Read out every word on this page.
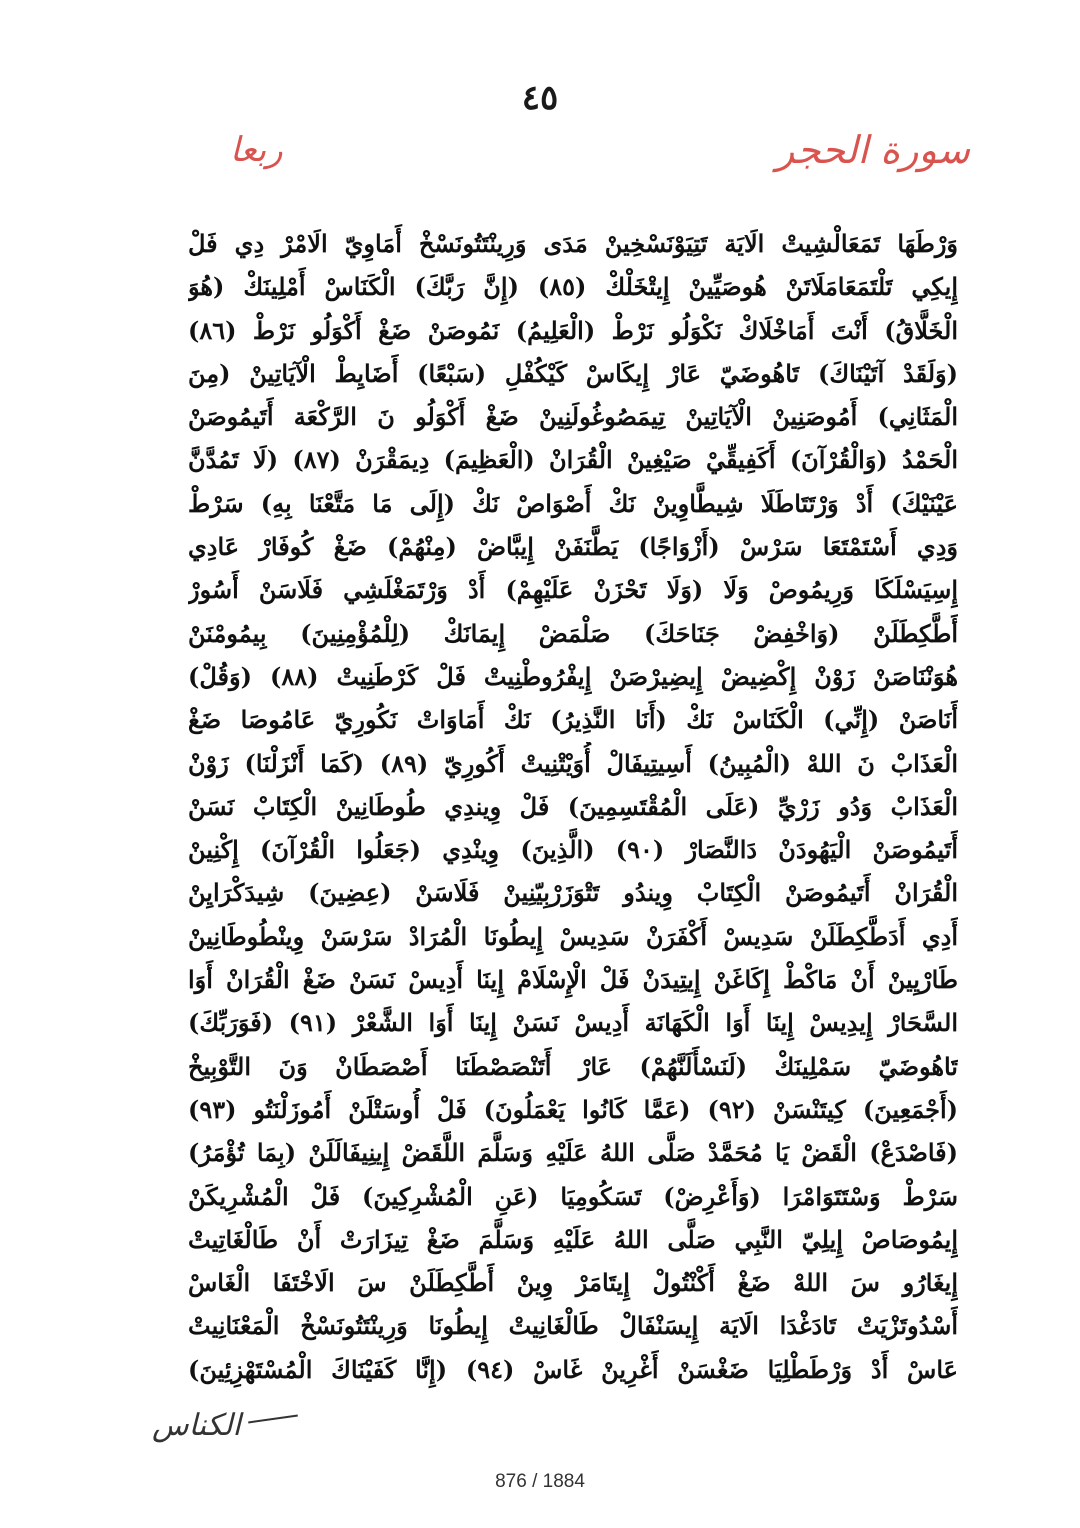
٤٥
سورة الحجر
ربعا
وَرْطَهَا تَمَعَالْشِيتْ الَايَة تَتِيَوْنَسْخِينْ مَدَى وَرِينْتَتُونَسْخْ أَمَاوِيّ الَامْرْ دِي فَلْ
إِيكِي تَلْتَمَعَامَلَاتَنْ هُوصَيِّينْ إِيتْخَلْكْ (٨٥) (إِنَّ رَبَّكَ) الْكَنَاسْ أَمْلِينَكْ (هُوَ
الْخَلَّاقُ) أَنْتَ أَمَاخْلَاكْ نَكْوَلُو نَرْطْ (الْعَلِيمُ) نَمُوصَنْ ضَغْ أَكْوَلُو نَرْطْ (٨٦)
(وَلَقَدْ آتَيْنَاكَ) تَاهُوضَيّ عَارْ إِيكَاسْ كَيْكُفْلِ (سَبْعًا) أَضَايِطْ الْآيَاتِينْ (مِنَ
الْمَثَانِي) أَمُوصَنِينْ الْآيَاتِينْ تِيمَصُوغُولَنِينْ ضَغْ أَكْوَلُو نَ الرَّكْعَة أَتَيمُوصَنْ
الْحَمْدُ (وَالْقُرْآنَ) أَكَفِيقِّيْ صَيْغِينْ الْقُرَانْ (الْعَظِيمَ) دِيمَقْرَنْ (٨٧) (لَا تَمُدَّنَّ
عَيْنَيْكَ) أَدْ وَرْتَتَاطَلَا شِيطَّاوِينْ نَكْ أَصْوَاصْ نَكْ (إِلَى مَا مَتَّعْنَا بِهِ) سَرْطْ
وَدِي أَسْتَمْتَعَا سَرْسْ (أَزْوَاجًا) يَطَّنَفَنْ إِيبَّاضْ (مِنْهُمْ) ضَغْ كُوفَارْ عَادِي
إِسِيَسْلَكَا وَرِيمُوصْ وَلَا (وَلَا تَحْزَنْ عَلَيْهِمْ) أَدْ وَرْتَمَغْلَشِي فَلَاسَنْ أَسُورْ
أَطَّكِطَلَنْ (وَاخْفِضْ جَنَاحَكَ) صَلْمَضْ إِيمَانَكْ (لِلْمُؤْمِنِينَ) بِيمُومْنَنْ
هُوَنْنَاصَنْ زَوْنْ إِكْضِيضْ إِيضِيرْصَنْ إِيفْرُوطْنِيتْ فَلْ كَرْطَنِيتْ (٨٨) (وَقُلْ)
أَنَاصَنْ (إِنِّي) الْكَنَاسْ نَكْ (أَنَا النَّذِيرُ) نَكْ أَمَاوَاتْ نَكُورِيّ عَامُوصَا ضَغْ
الْعَذَابْ نَ اللهْ (الْمُبِينُ) أَسِيتِيفَالْ أُوَيْتْنِيتْ أَكُورِيّ (٨٩) (كَمَا أَنْزَلْنَا) زَوْنْ
الْعَذَابْ وَدُو زَرْيِّ (عَلَى الْمُقْتَسِمِينَ) فَلْ وِيندِي طُوطَانِينْ الْكِتَابْ نَسَنْ
أَتَيمُوصَنْ الْيَهُودَنْ دَالنَّصَارْ (٩٠) (الَّذِينَ) وِينْدِي (جَعَلُوا الْقُرْآنَ) إِكْنِينْ
الْقُرَانْ أَتَيمُوصَنْ الْكِتَابْ وِيندُو تَتْوَزَرْبِيّنِينْ فَلَاسَنْ (عِضِينَ) شِيدَكْرَايِنْ
أَدِي أَدَطَّكِطَلَنْ سَدِيسْ أَكْفَرَنْ سَدِيسْ إِيطُونَا الْمُرَادْ سَرْسَنْ وِينْطُوطَانِينْ
طَارْيِينْ أَنْ مَاكْطْ إِكَاغَنْ إِيتِيدَنْ فَلْ الْإِسْلَامْ إِينَا أَدِيسْ نَسَنْ ضَغْ الْقُرَانْ أَوَا
السَّحَارْ إِيدِيسْ إِينَا أَوَا الْكَهَانَة أَدِيسْ نَسَنْ إِينَا أَوَا الشَّعْرْ (٩١) (فَوَرَبِّكَ)
تَاهُوضَيّ سَمْلِينَكْ (لَنَسْأَلَنَّهُمْ) عَارْ أَتَنْصَصْطَنَا أَصْصَطَانْ وَنَ التَّوْبِيخْ
(أَجْمَعِينَ) كِيتَنْسَنْ (٩٢) (عَمَّا كَانُوا يَعْمَلُونَ) فَلْ أُوسَتْلَنْ أَمُوزَلْنَتُو (٩٣)
(فَاصْدَعْ) الْقَضْ يَا مُحَمَّدْ صَلَّى اللهُ عَلَيْهِ وَسَلَّمَ اللَّقَضْ إِينِيفَالَلَنْ (بِمَا تُؤْمَرُ)
سَرْطْ وَسْتَتَوَامْرَا (وَأَعْرِضْ) تَسَكُومِيَا (عَنِ الْمُشْرِكِينَ) فَلْ الْمُشْرِيكَنْ
إِيمُوصَاصْ إِيلِيّ النَّبِي صَلَّى اللهُ عَلَيْهِ وَسَلَّمَ ضَغْ تِيزَارَتْ أَنْ طَالْغَاتِيتْ
إِيغَارُو سَ اللهْ ضَغْ أَكْنْتُولْ إِيتَامَرْ وِينْ أَطَّكِطَلَنْ سَ الَاخْتَفَا الْغَاسْ
أَسْدُوتَزْيَتْ تَادَغْدَا الَايَة إِيسَنْفَالْ طَالْغَانِيتْ إِيطُونَا وَرِينْتَتُونَسْخْ الْمَعْنَانِيتْ
عَاسْ أَدْ وَرْطَطْلِيَا ضَغْسَنْ أَغْرِينْ غَاسْ (٩٤) (إِنَّا كَفَيْنَاكَ الْمُسْتَهْزِئِينَ)
الكناس
876 / 1884
